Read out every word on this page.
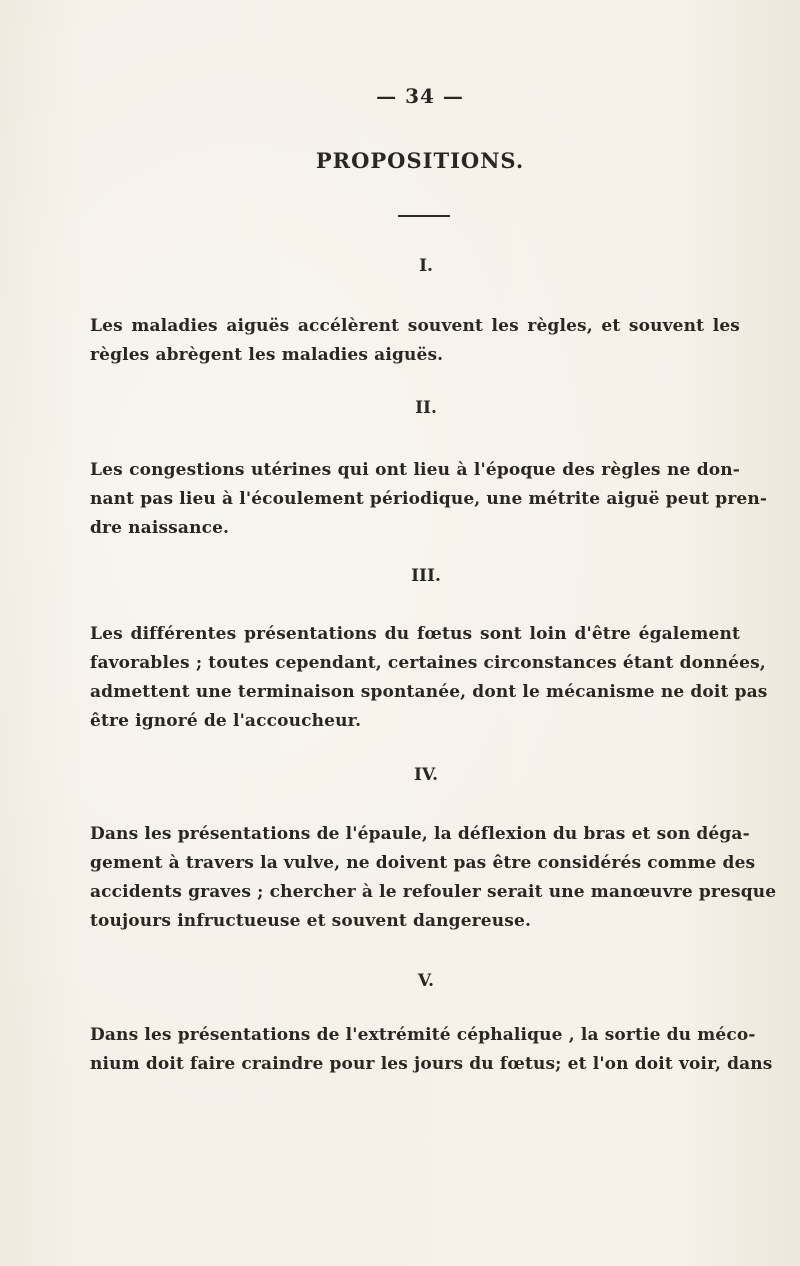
— 34 —
PROPOSITIONS.
I.
Les maladies aiguës accélèrent souvent les règles, et souvent les
règles abrègent les maladies aiguës.
II.
Les congestions utérines qui ont lieu à l'époque des règles ne don-
nant pas lieu à l'écoulement périodique, une métrite aiguë peut pren-
dre naissance.
III.
Les différentes présentations du fœtus sont loin d'être également
favorables ; toutes cependant, certaines circonstances étant données,
admettent une terminaison spontanée, dont le mécanisme ne doit pas
être ignoré de l'accoucheur.
IV.
Dans les présentations de l'épaule, la déflexion du bras et son déga-
gement à travers la vulve, ne doivent pas être considérés comme des
accidents graves ; chercher à le refouler serait une manœuvre presque
toujours infructueuse et souvent dangereuse.
V.
Dans les présentations de l'extrémité céphalique , la sortie du méco-
nium doit faire craindre pour les jours du fœtus; et l'on doit voir, dans
